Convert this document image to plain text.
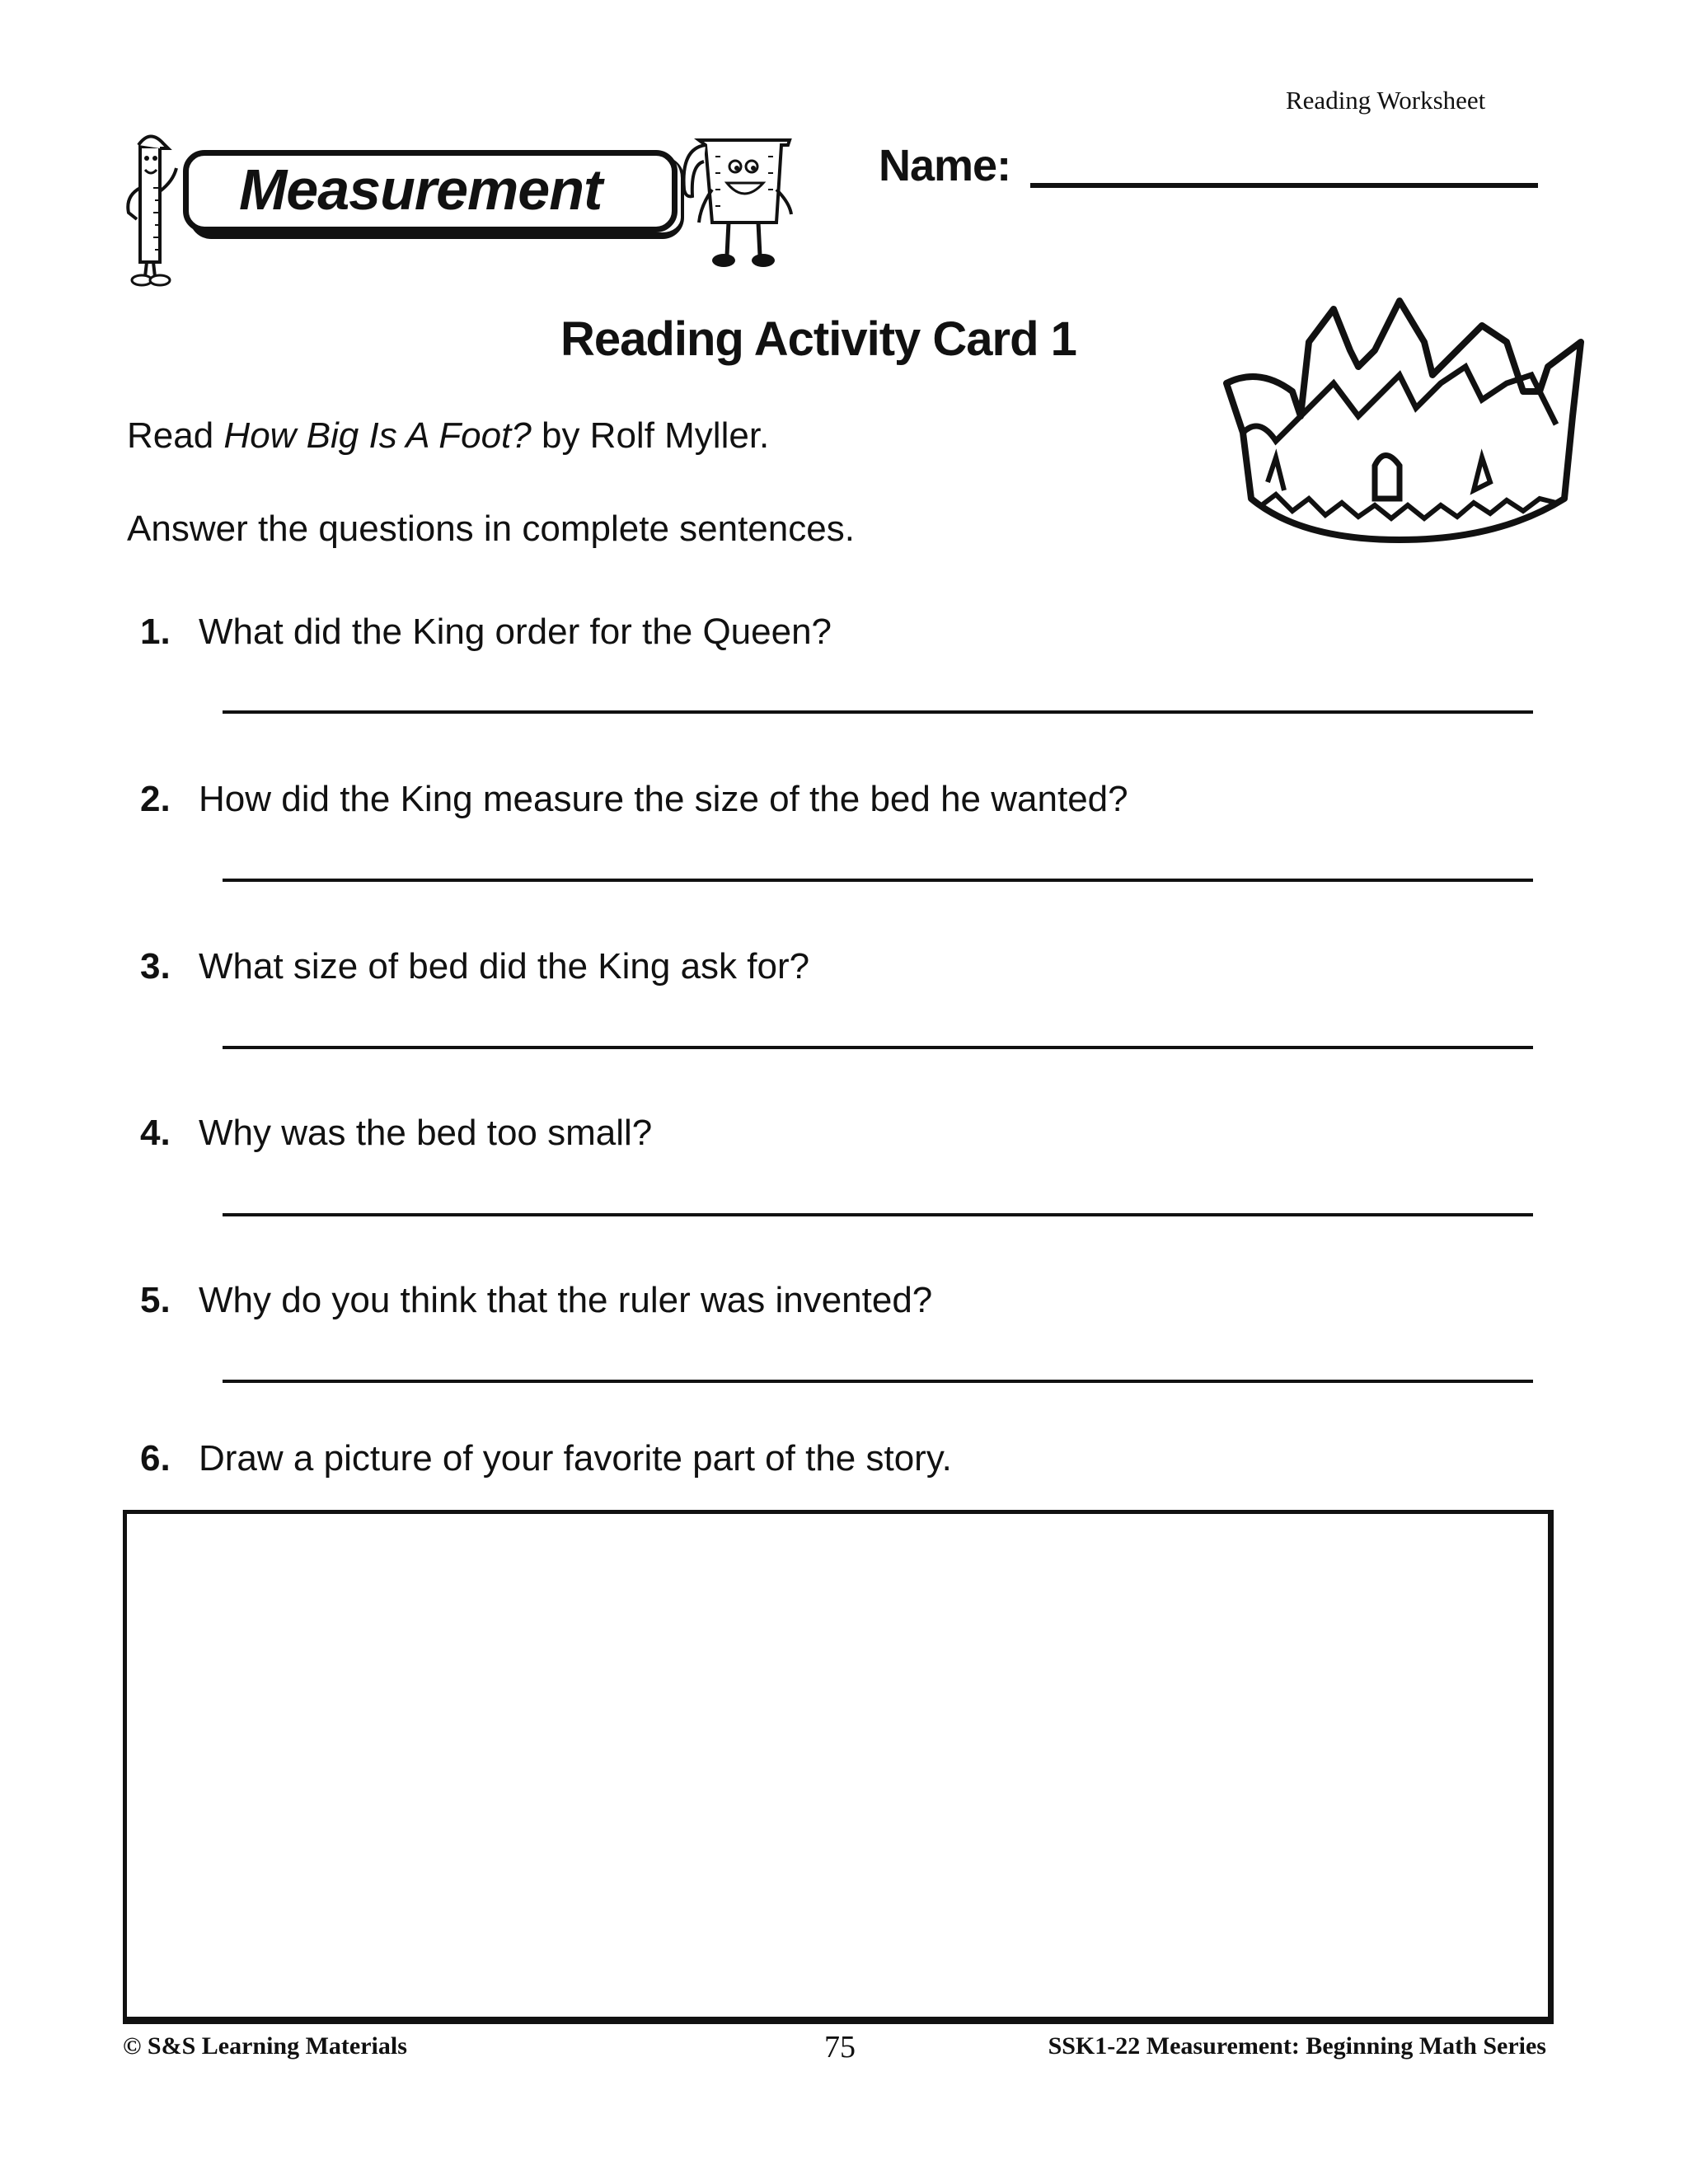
Reading Worksheet
Measurement	Name:
Reading Activity Card 1
Read How Big Is A Foot? by Rolf Myller.
Answer the questions in complete sentences.
1. What did the King order for the Queen?
2. How did the King measure the size of the bed he wanted?
3. What size of bed did the King ask for?
4. Why was the bed too small?
5. Why do you think that the ruler was invented?
6. Draw a picture of your favorite part of the story.
© S&S Learning Materials	75	SSK1-22 Measurement: Beginning Math Series
